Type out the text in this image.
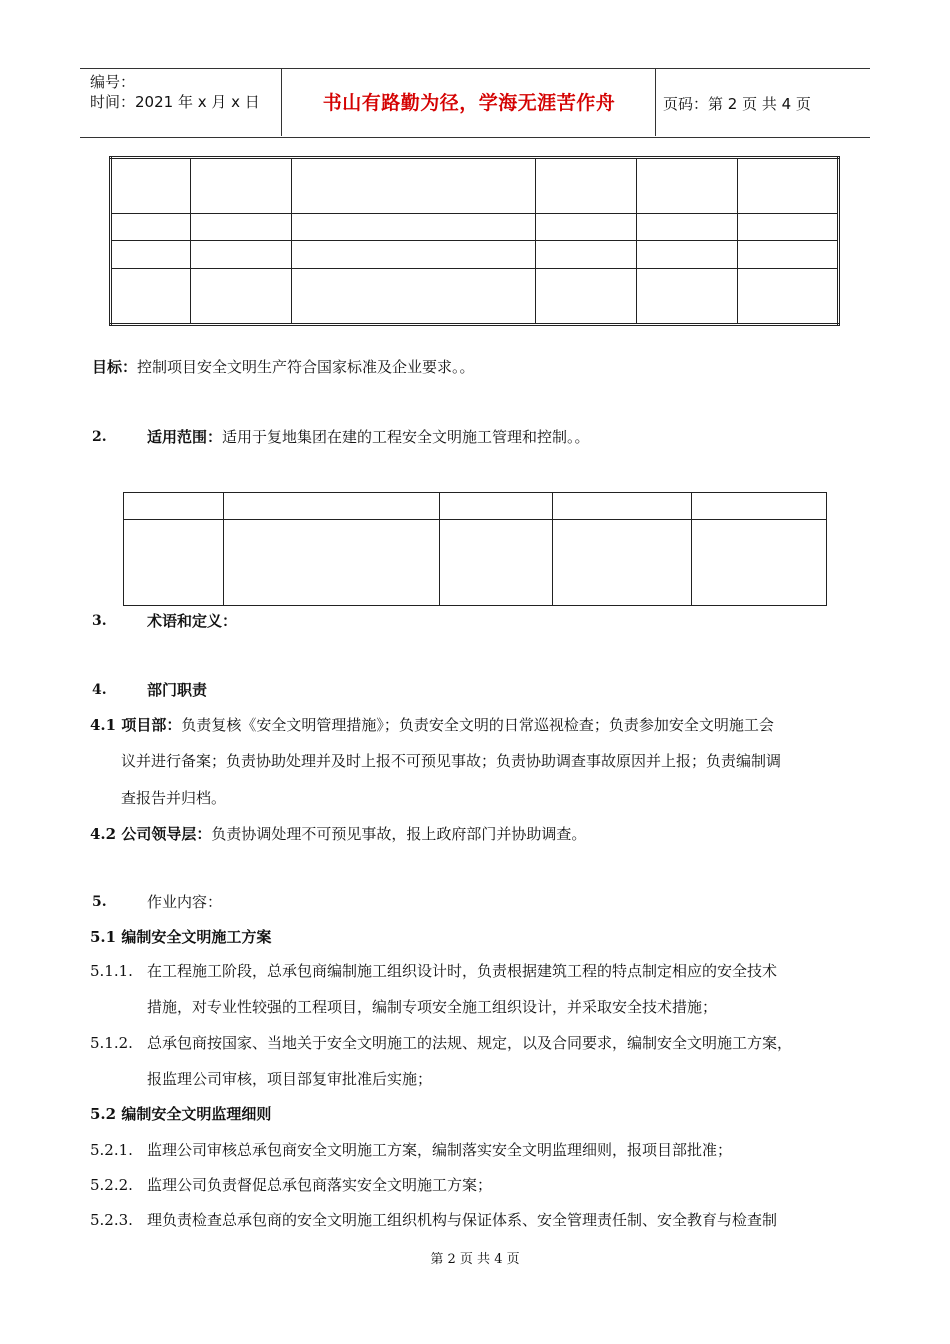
编号：
时间：2021 年 x 月 x 日	书山有路勤为径，学海无涯苦作舟	页码：第 2 页 共 4 页

目标：控制项目安全文明生产符合国家标准及企业要求。。
2.	适用范围：适用于复地集团在建的工程安全文明施工管理和控制。。

3.	术语和定义：
4.	部门职责
4.1 项目部：负责复核《安全文明管理措施》；负责安全文明的日常巡视检查；负责参加安全文明施工会
议并进行备案；负责协助处理并及时上报不可预见事故；负责协助调查事故原因并上报；负责编制调
查报告并归档。
4.2 公司领导层：负责协调处理不可预见事故，报上政府部门并协助调查。
5.	作业内容：
5.1 编制安全文明施工方案
5.1.1. 在工程施工阶段，总承包商编制施工组织设计时，负责根据建筑工程的特点制定相应的安全技术
措施，对专业性较强的工程项目，编制专项安全施工组织设计，并采取安全技术措施；
5.1.2. 总承包商按国家、当地关于安全文明施工的法规、规定，以及合同要求，编制安全文明施工方案，
报监理公司审核，项目部复审批准后实施；
5.2 编制安全文明监理细则
5.2.1. 监理公司审核总承包商安全文明施工方案，编制落实安全文明监理细则，报项目部批准；
5.2.2. 监理公司负责督促总承包商落实安全文明施工方案；
5.2.3. 理负责检查总承包商的安全文明施工组织机构与保证体系、安全管理责任制、安全教育与检查制
第 2 页 共 4 页
